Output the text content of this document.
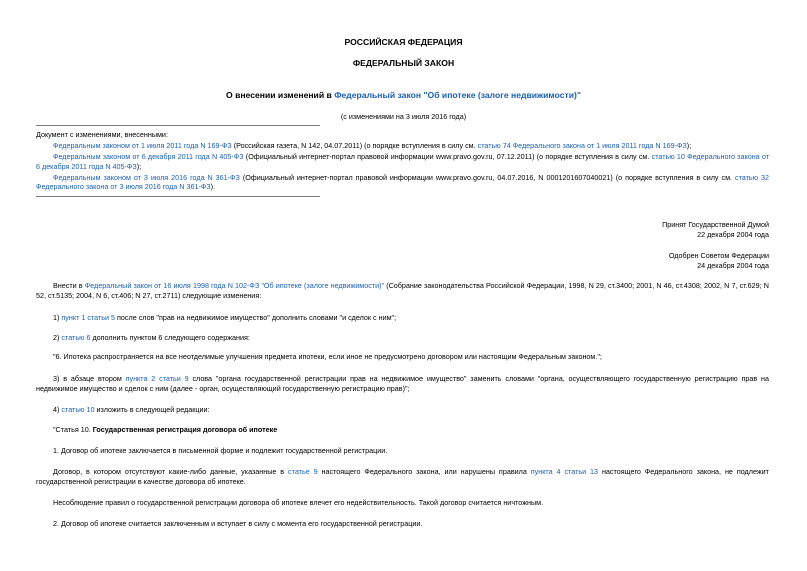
РОССИЙСКАЯ ФЕДЕРАЦИЯ
ФЕДЕРАЛЬНЫЙ ЗАКОН
О внесении изменений в Федеральный закон "Об ипотеке (залоге недвижимости)"
(с изменениями на 3 июля 2016 года)

Документ с изменениями, внесенными:

Федеральным законом от 1 июля 2011 года N 169-ФЗ (Российская газета, N 142, 04.07.2011) (о порядке вступления в силу см. статью 74 Федерального закона от 1 июля 2011 года N 169-ФЗ);

Федеральным законом от 6 декабря 2011 года N 405-ФЗ (Официальный интернет-портал правовой информации www.pravo.gov.ru, 07.12.2011) (о порядке вступления в силу см. статью 10 Федерального закона от 6 декабря 2011 года N 405-ФЗ);

Федеральным законом от 3 июля 2016 года N 361-ФЗ (Официальный интернет-портал правовой информации www.pravo.gov.ru, 04.07.2016, N 0001201607040021) (о порядке вступления в силу см. статью 32 Федерального закона от 3 июля 2016 года N 361-ФЗ).

Принят Государственной Думой
22 декабря 2004 года
Одобрен Советом Федерации
24 декабря 2004 года
Внести в Федеральный закон от 16 июля 1998 года N 102-ФЗ "Об ипотеке (залоге недвижимости)" (Собрание законодательства Российской Федерации, 1998, N 29, ст.3400; 2001, N 46, ст.4308; 2002, N 7, ст.629; N 52, ст.5135; 2004, N 6, ст.406; N 27, ст.2711) следующие изменения:
1) пункт 1 статьи 5 после слов "прав на недвижимое имущество" дополнить словами "и сделок с ним";
2) статью 6 дополнить пунктом 6 следующего содержания:
"6. Ипотека распространяется на все неотделимые улучшения предмета ипотеки, если иное не предусмотрено договором или настоящим Федеральным законом.";
3) в абзаце втором пункта 2 статьи 9 слова "органа государственной регистрации прав на недвижимое имущество" заменить словами "органа, осуществляющего государственную регистрацию прав на недвижимое имущество и сделок с ним (далее - орган, осуществляющий государственную регистрацию прав)";
4) статью 10 изложить в следующей редакции:
"Статья 10. Государственная регистрация договора об ипотеке
1. Договор об ипотеке заключается в письменной форме и подлежит государственной регистрации.
Договор, в котором отсутствуют какие-либо данные, указанные в статье 9 настоящего Федерального закона, или нарушены правила пункта 4 статьи 13 настоящего Федерального закона, не подлежит государственной регистрации в качестве договора об ипотеке.
Несоблюдение правил о государственной регистрации договора об ипотеке влечет его недействительность. Такой договор считается ничтожным.
2. Договор об ипотеке считается заключенным и вступает в силу с момента его государственной регистрации.
